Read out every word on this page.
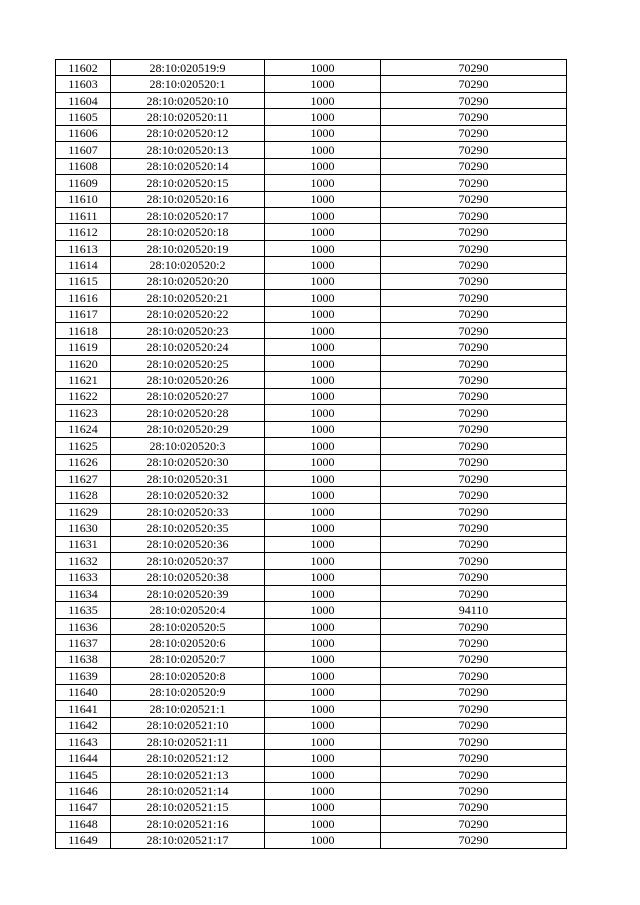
11602	28:10:020519:9	1000	70290
11603	28:10:020520:1	1000	70290
11604	28:10:020520:10	1000	70290
11605	28:10:020520:11	1000	70290
11606	28:10:020520:12	1000	70290
11607	28:10:020520:13	1000	70290
11608	28:10:020520:14	1000	70290
11609	28:10:020520:15	1000	70290
11610	28:10:020520:16	1000	70290
11611	28:10:020520:17	1000	70290
11612	28:10:020520:18	1000	70290
11613	28:10:020520:19	1000	70290
11614	28:10:020520:2	1000	70290
11615	28:10:020520:20	1000	70290
11616	28:10:020520:21	1000	70290
11617	28:10:020520:22	1000	70290
11618	28:10:020520:23	1000	70290
11619	28:10:020520:24	1000	70290
11620	28:10:020520:25	1000	70290
11621	28:10:020520:26	1000	70290
11622	28:10:020520:27	1000	70290
11623	28:10:020520:28	1000	70290
11624	28:10:020520:29	1000	70290
11625	28:10:020520:3	1000	70290
11626	28:10:020520:30	1000	70290
11627	28:10:020520:31	1000	70290
11628	28:10:020520:32	1000	70290
11629	28:10:020520:33	1000	70290
11630	28:10:020520:35	1000	70290
11631	28:10:020520:36	1000	70290
11632	28:10:020520:37	1000	70290
11633	28:10:020520:38	1000	70290
11634	28:10:020520:39	1000	70290
11635	28:10:020520:4	1000	94110
11636	28:10:020520:5	1000	70290
11637	28:10:020520:6	1000	70290
11638	28:10:020520:7	1000	70290
11639	28:10:020520:8	1000	70290
11640	28:10:020520:9	1000	70290
11641	28:10:020521:1	1000	70290
11642	28:10:020521:10	1000	70290
11643	28:10:020521:11	1000	70290
11644	28:10:020521:12	1000	70290
11645	28:10:020521:13	1000	70290
11646	28:10:020521:14	1000	70290
11647	28:10:020521:15	1000	70290
11648	28:10:020521:16	1000	70290
11649	28:10:020521:17	1000	70290
